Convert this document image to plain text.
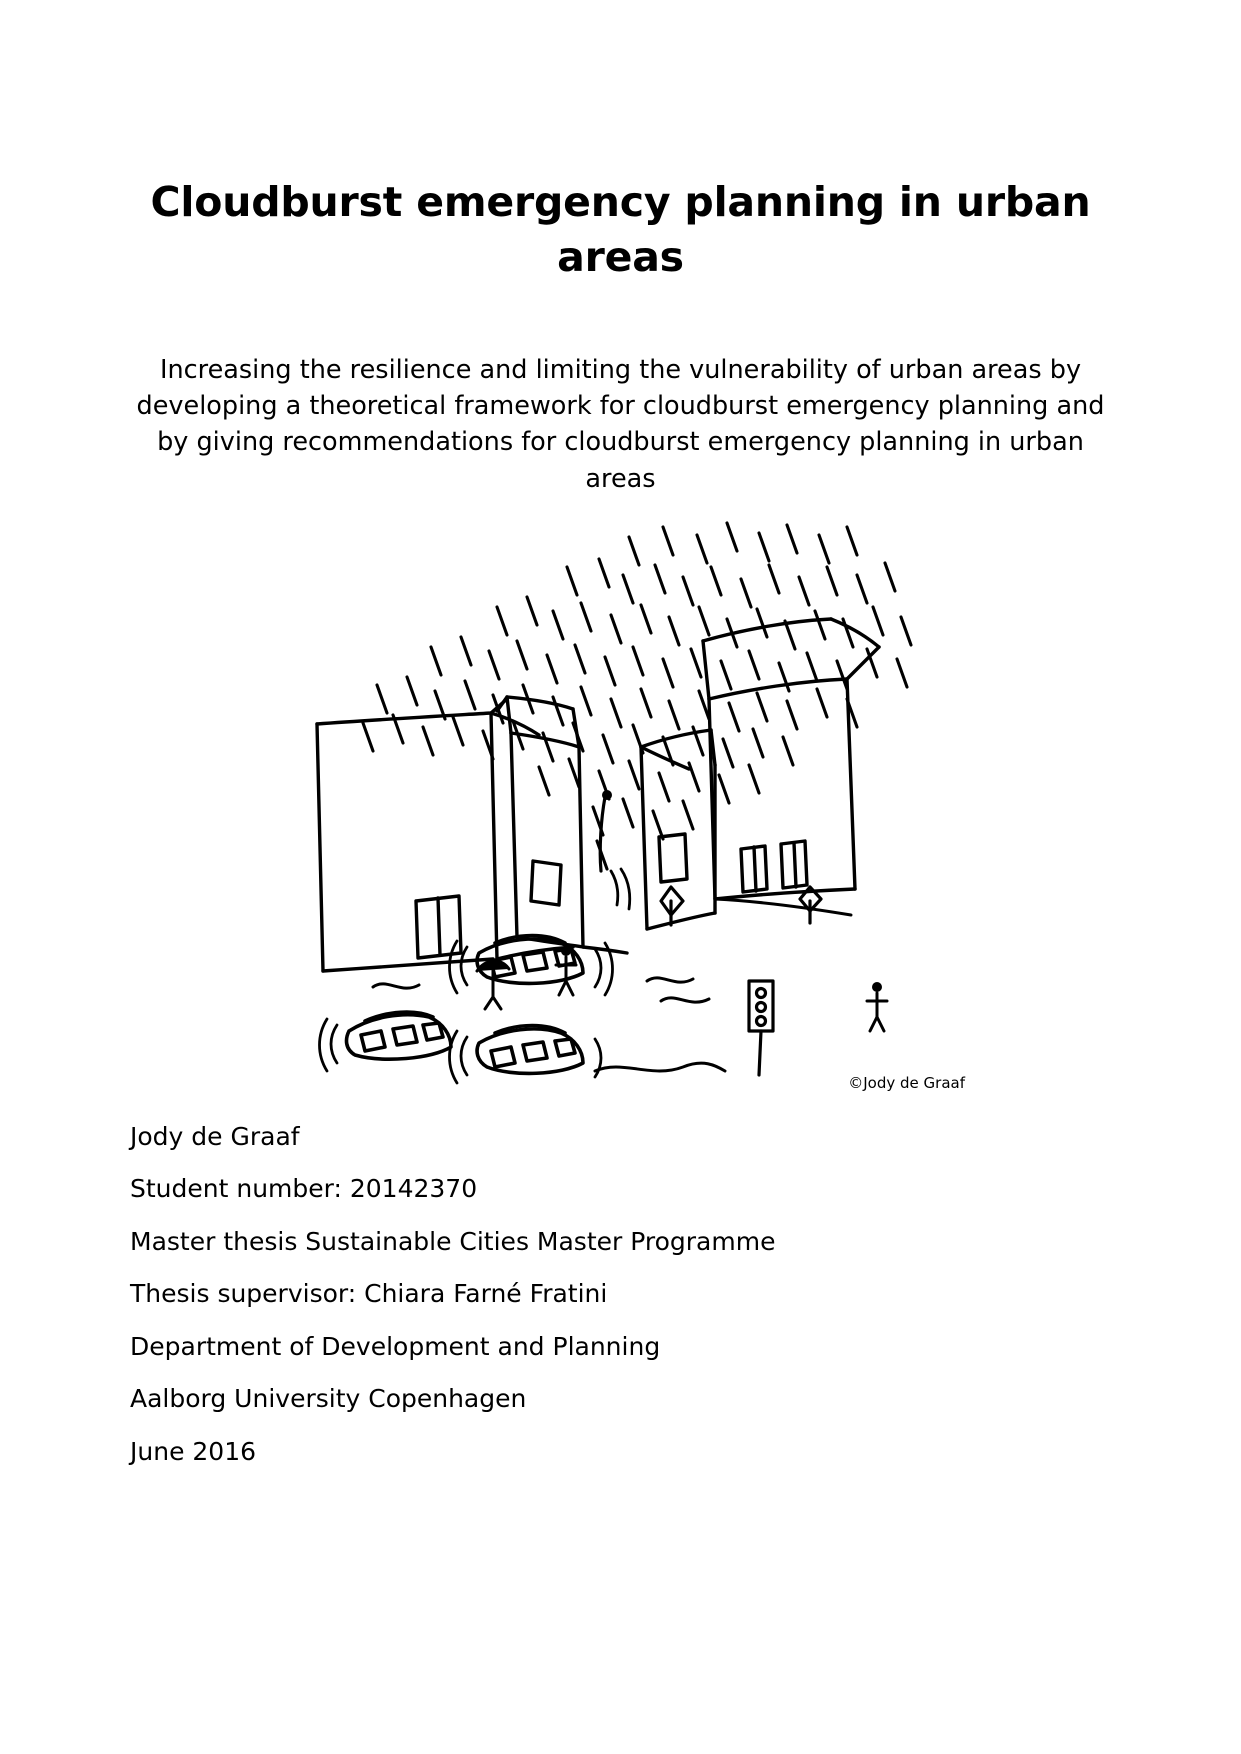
Cloudburst emergency planning in urban areas

Increasing the resilience and limiting the vulnerability of urban areas by developing a theoretical framework for cloudburst emergency planning and by giving recommendations for cloudburst emergency planning in urban areas

©Jody de Graaf
Jody de Graaf
Student number: 20142370
Master thesis Sustainable Cities Master Programme
Thesis supervisor: Chiara Farné Fratini
Department of Development and Planning
Aalborg University Copenhagen
June 2016
